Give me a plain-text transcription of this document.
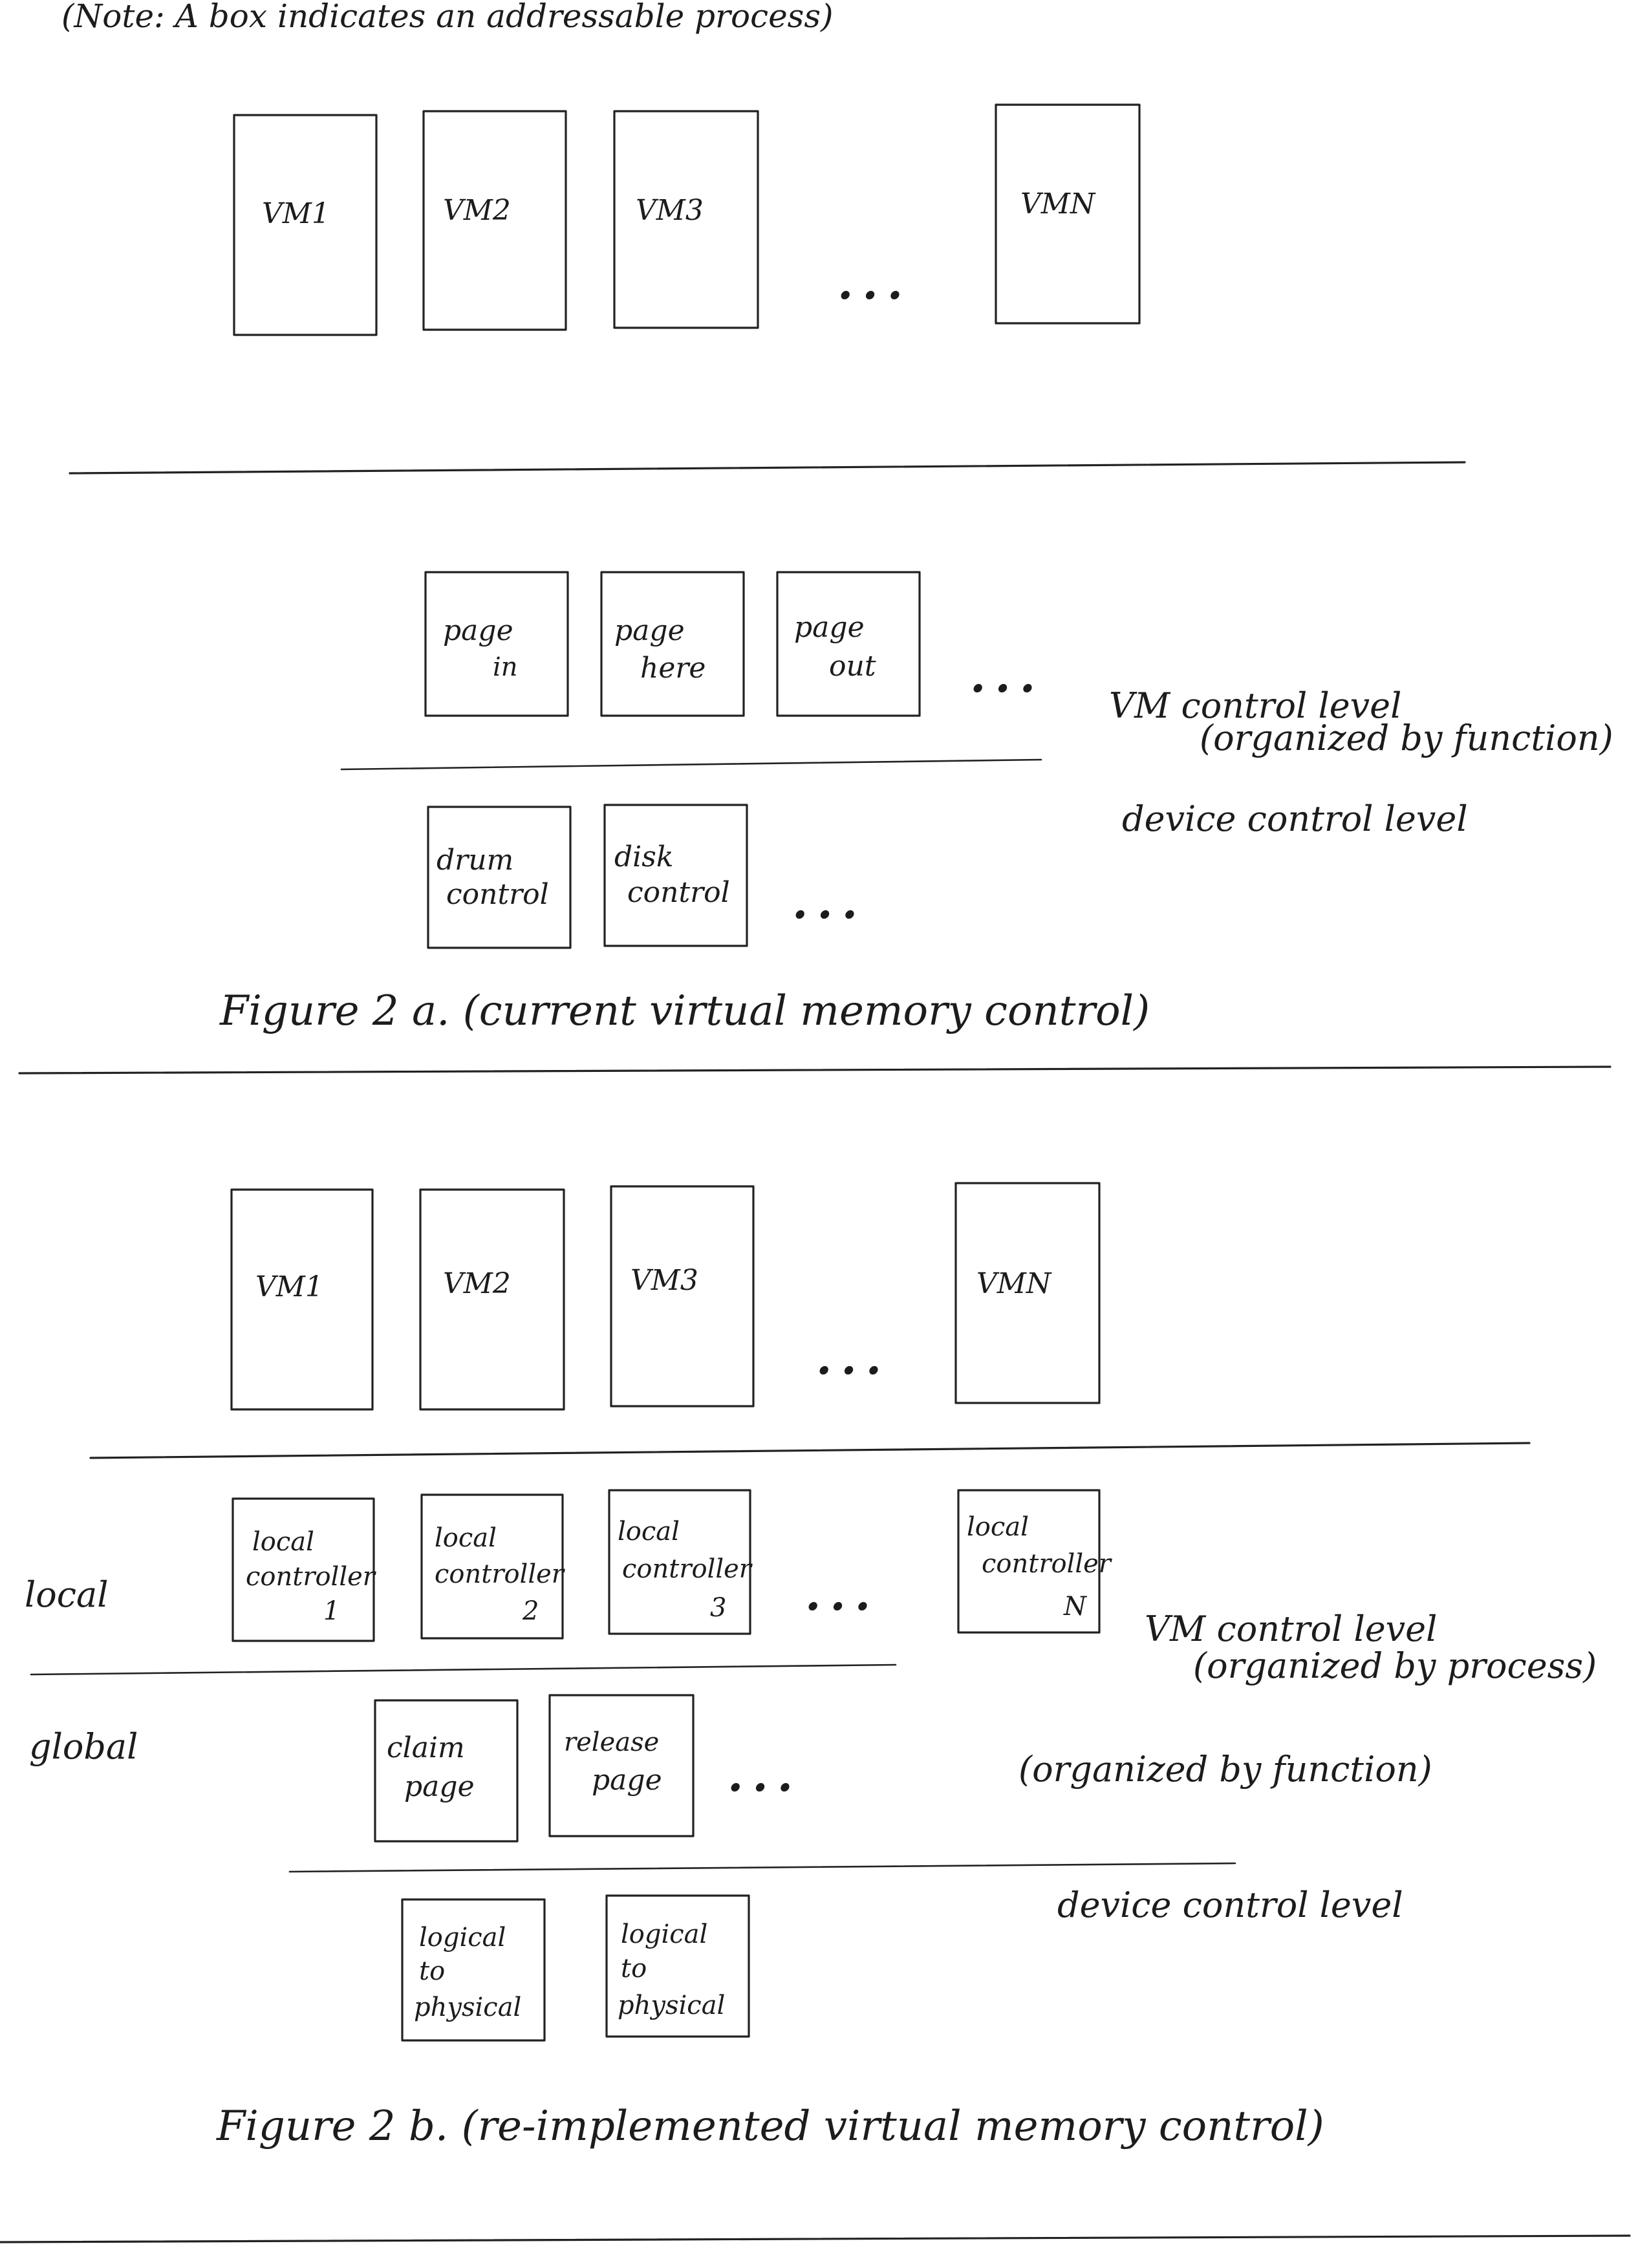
(Note: A box indicates an addressable process)
VM1	VM2	VM3
...
VMN
page
in
page
here
page
out ...
VM control level
(organized by function)
device control level
drum
control
disk
control ...
Figure 2 a. (current virtual memory control)
VM1	VM2	VM3
...
VMN
local
controller
1
local
controller
2
local
controller
3 ...
local
controller
N
local
VM control level
(organized by process)
global	claim
page
release
page ...	(organized by function)
device control level
logical
to
physical
logical
to
physical
Figure 2 b. (re-implemented virtual memory control)
